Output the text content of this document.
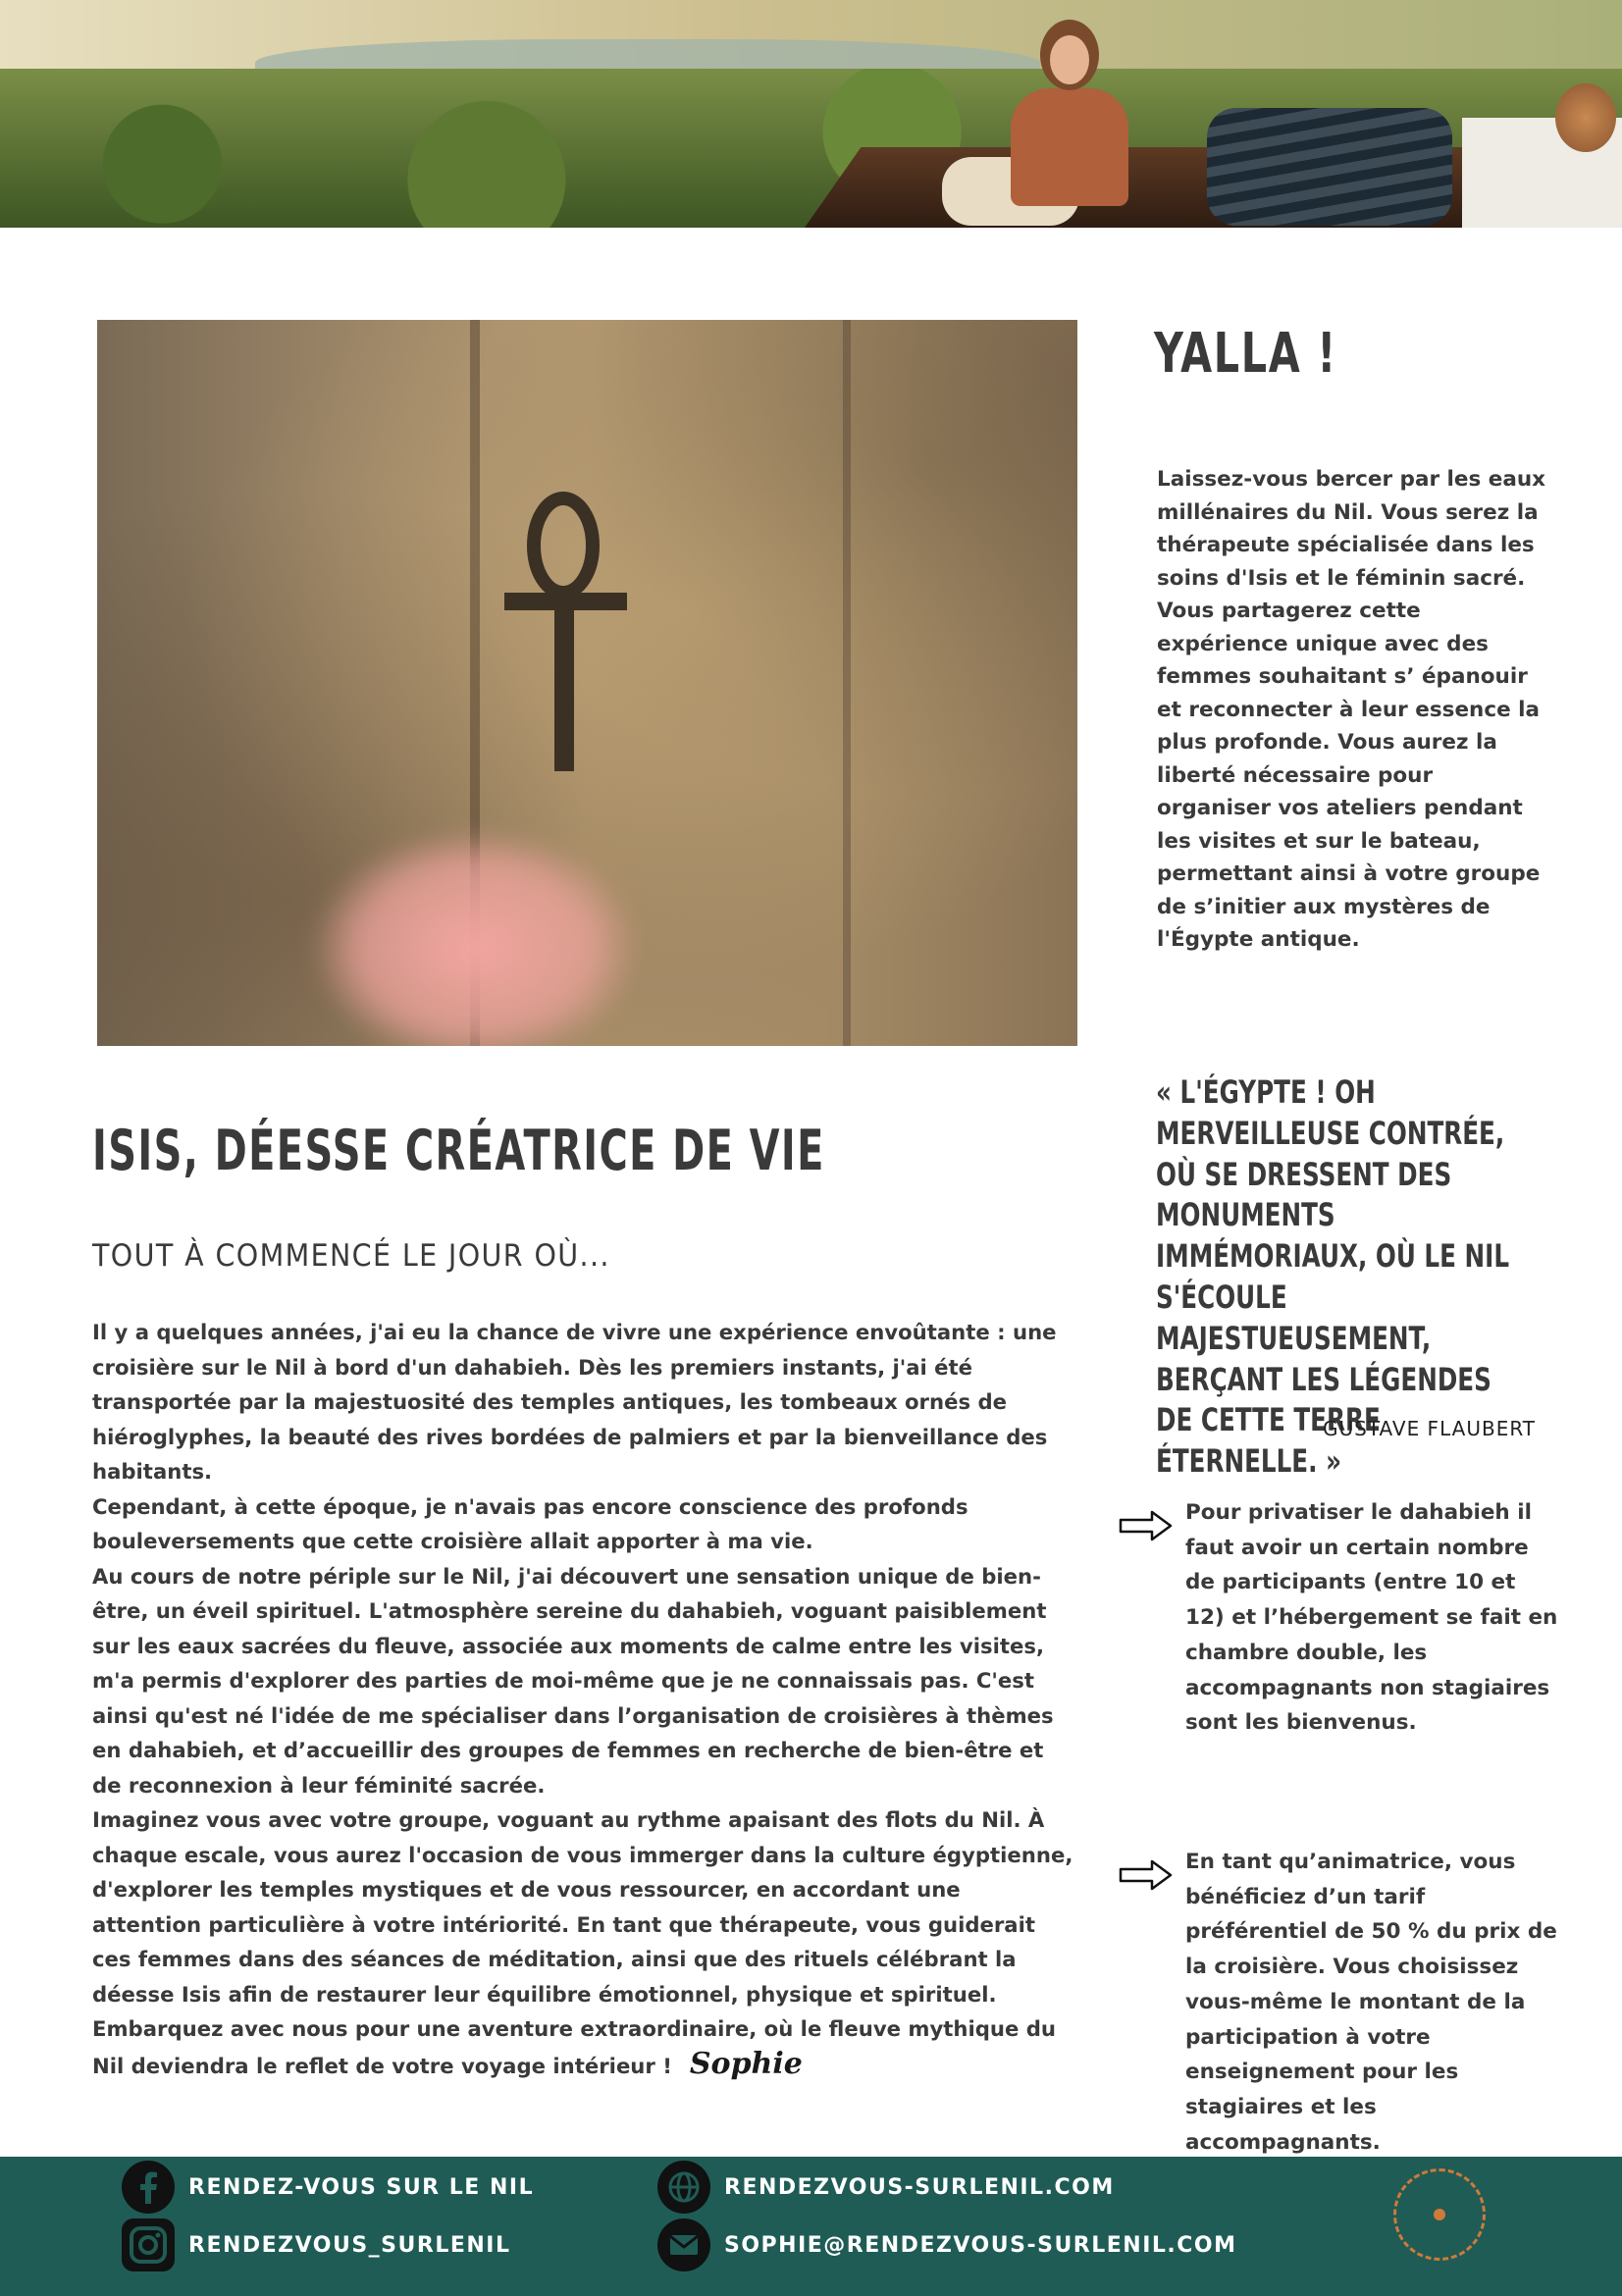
YALLA !
Laissez-vous bercer par les eaux millénaires du Nil. Vous serez la thérapeute spécialisée dans les soins d'Isis et le féminin sacré. Vous partagerez cette expérience unique avec des femmes souhaitant s’ épanouir et reconnecter à leur essence la plus profonde. Vous aurez la liberté nécessaire pour organiser vos ateliers pendant les visites et sur le bateau, permettant ainsi à votre groupe de s’initier aux mystères de l'Égypte antique.
« L'ÉGYPTE ! OH MERVEILLEUSE CONTRÉE, OÙ SE DRESSENT DES MONUMENTS IMMÉMORIAUX, OÙ LE NIL S'ÉCOULE MAJESTUEUSEMENT, BERÇANT LES LÉGENDES DE CETTE TERRE ÉTERNELLE. »
GUSTAVE FLAUBERT
Pour privatiser le dahabieh il faut avoir un certain nombre de participants (entre 10 et 12) et l’hébergement se fait en chambre double, les accompagnants non stagiaires sont les bienvenus.
En tant qu’animatrice, vous bénéficiez d’un tarif préférentiel de 50 % du prix de la croisière. Vous choisissez vous-même le montant de la participation à votre enseignement pour les stagiaires et les accompagnants.
ISIS, DÉESSE CRÉATRICE DE VIE
TOUT À COMMENCÉ LE JOUR OÙ...

Il y a quelques années, j'ai eu la chance de vivre une expérience envoûtante : une croisière sur le Nil à bord d'un dahabieh. Dès les premiers instants, j'ai été transportée par la majestuosité des temples antiques, les tombeaux ornés de hiéroglyphes, la beauté des rives bordées de palmiers et par la bienveillance des habitants.

Cependant, à cette époque, je n'avais pas encore conscience des profonds bouleversements que cette croisière allait apporter à ma vie.

Au cours de notre périple sur le Nil, j'ai découvert une sensation unique de bien-être, un éveil spirituel. L'atmosphère sereine du dahabieh, voguant paisiblement sur les eaux sacrées du fleuve, associée aux moments de calme entre les visites, m'a permis d'explorer des parties de moi-même que je ne connaissais pas. C'est ainsi qu'est né l'idée de me spécialiser dans l’organisation de croisières à thèmes en dahabieh, et d’accueillir des groupes de femmes en recherche de bien-être et de reconnexion à leur féminité sacrée.

Imaginez vous avec votre groupe, voguant au rythme apaisant des flots du Nil. À chaque escale, vous aurez l'occasion de vous immerger dans la culture égyptienne, d'explorer les temples mystiques et de vous ressourcer, en accordant une attention particulière à votre intériorité. En tant que thérapeute, vous guiderait ces femmes dans des séances de méditation, ainsi que des rituels célébrant la déesse Isis afin de restaurer leur équilibre émotionnel, physique et spirituel.

Embarquez avec nous pour une aventure extraordinaire, où le fleuve mythique du Nil deviendra le reflet de votre voyage intérieur ! Sophie

RENDEZ-VOUS SUR LE NIL
RENDEZVOUS_SURLENIL
RENDEZVOUS-SURLENIL.COM
SOPHIE@RENDEZVOUS-SURLENIL.COM
